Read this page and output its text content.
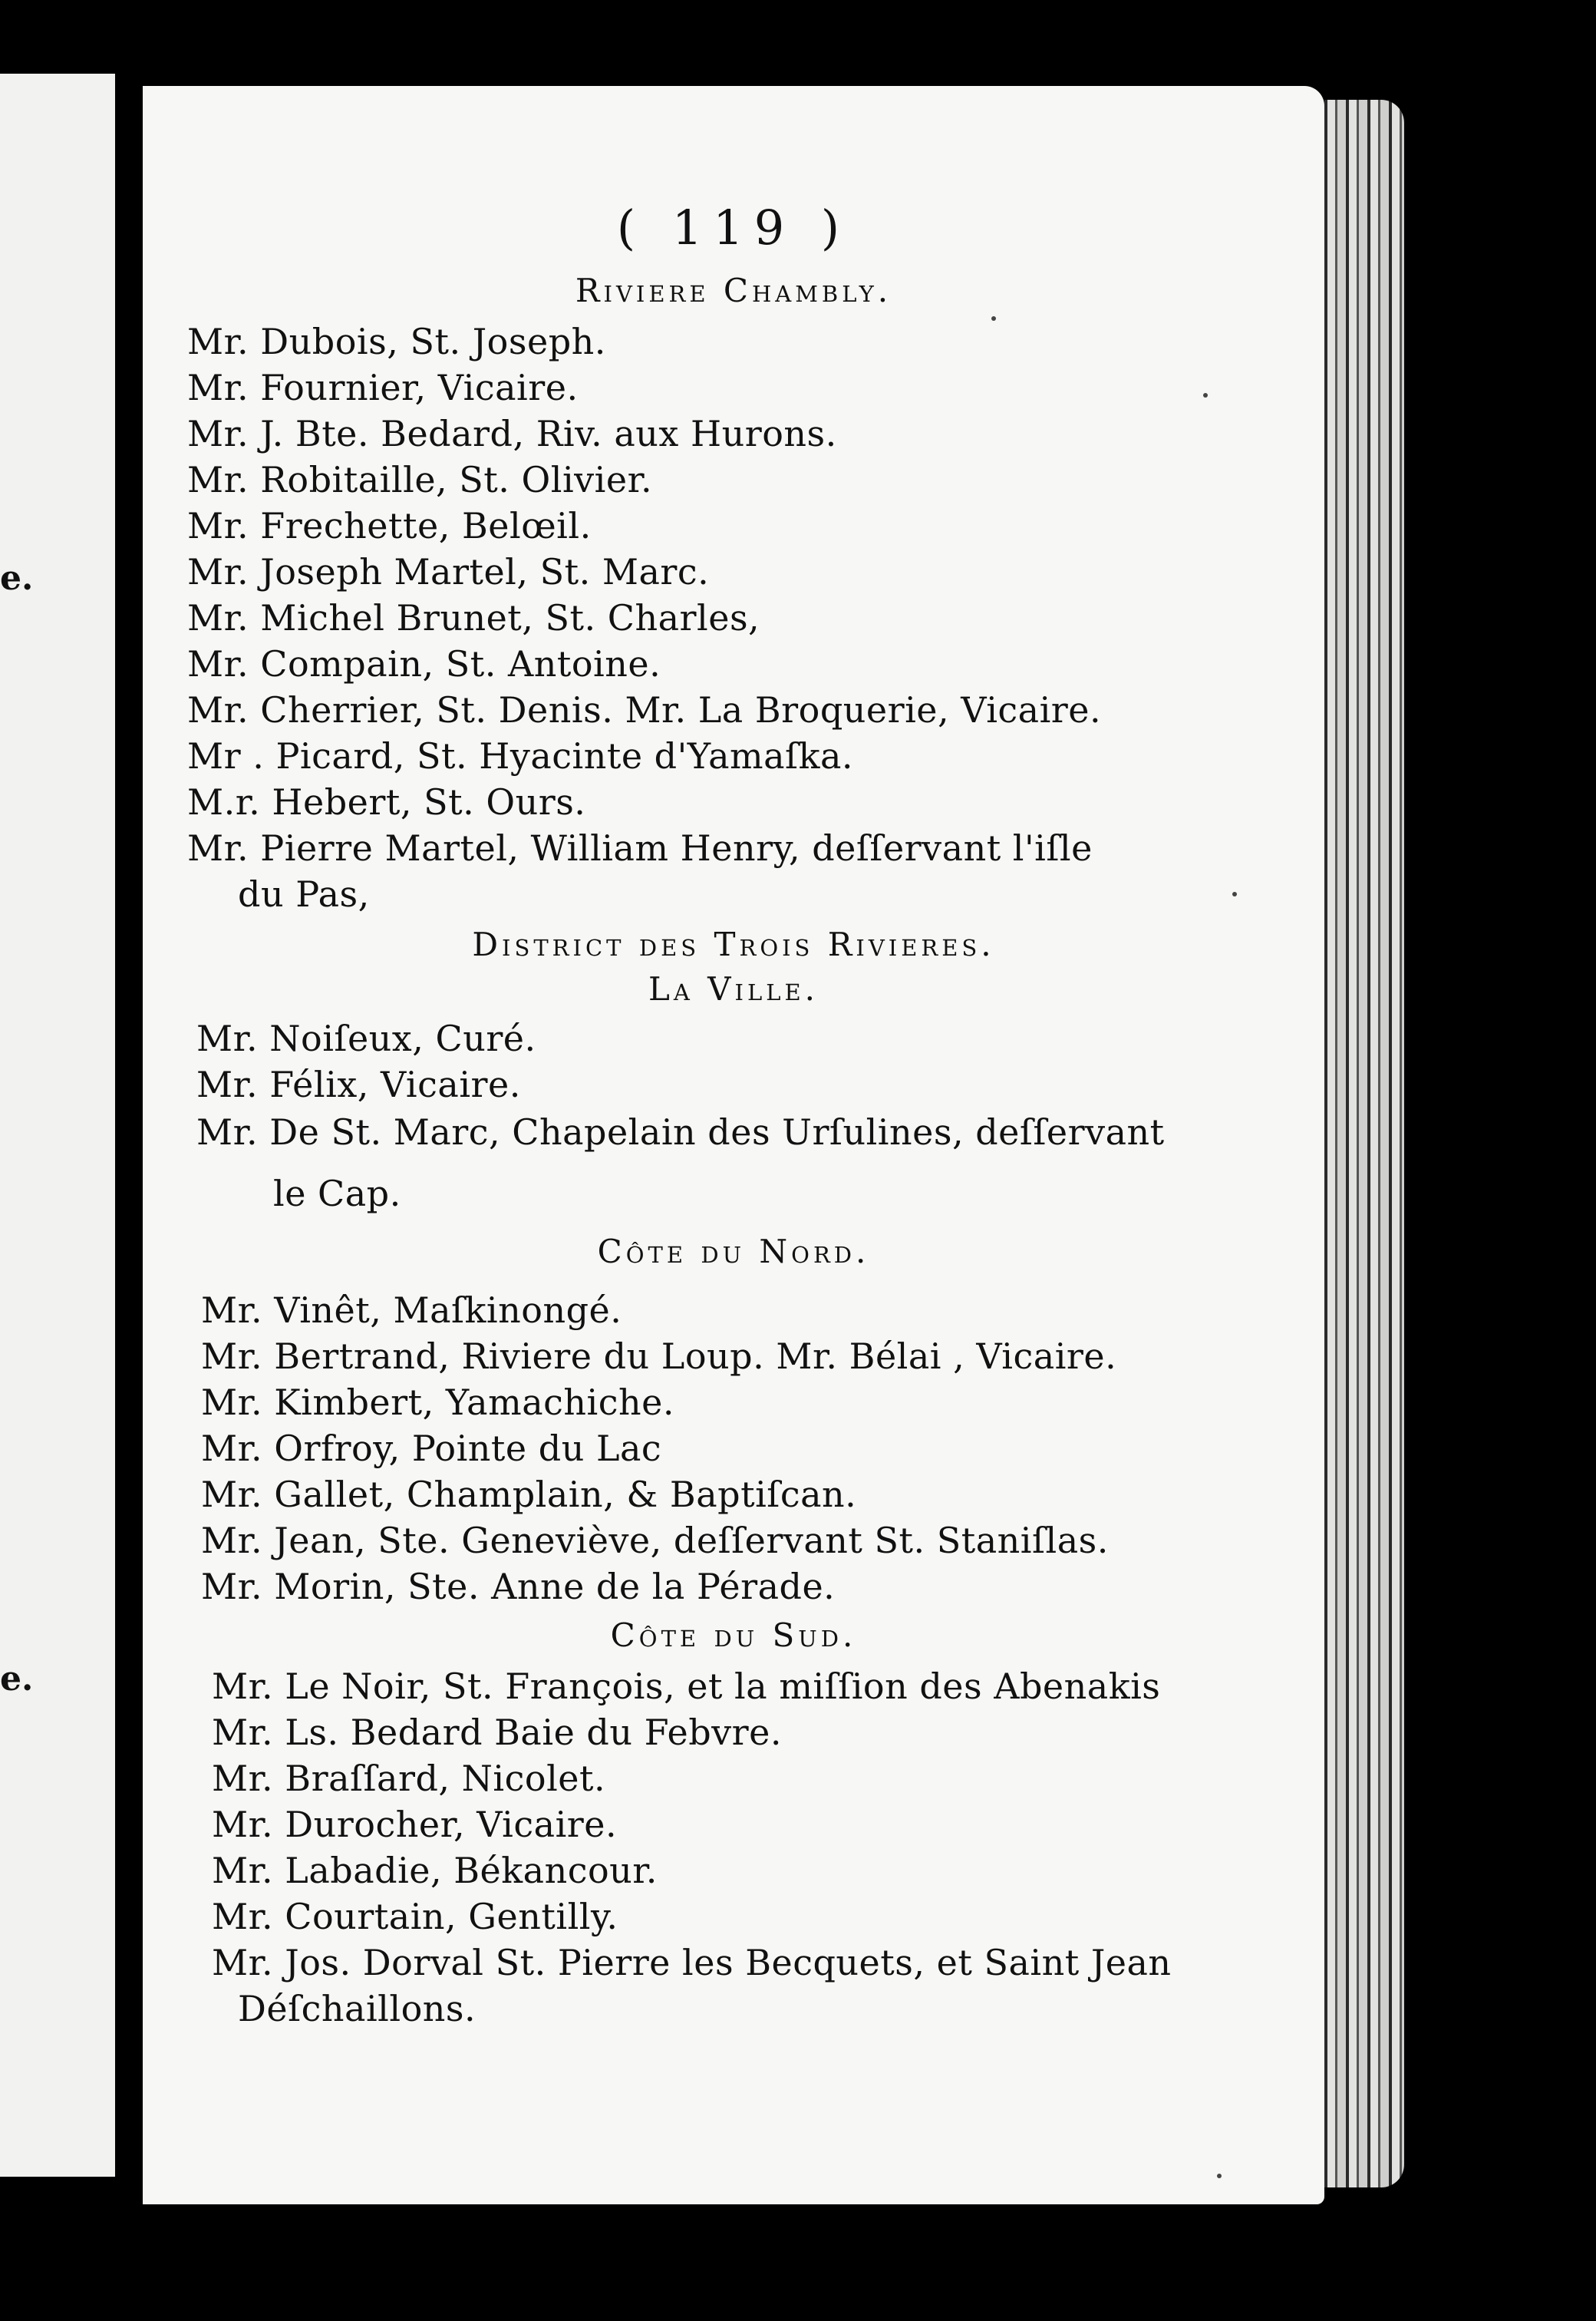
e.
e.
( 119 )
Riviere Chambly.
Mr. Dubois, St. Joseph.
Mr. Fournier, Vicaire.
Mr. J. Bte. Bedard, Riv. aux Hurons.
Mr. Robitaille, St. Olivier.
Mr. Frechette, Belœil.
Mr. Joseph Martel, St. Marc.
Mr. Michel Brunet, St. Charles,
Mr. Compain, St. Antoine.
Mr. Cherrier, St. Denis. Mr. La Broquerie, Vicaire.
Mr . Picard, St. Hyacinte d'Yamaſka.
M.r. Hebert, St. Ours.
Mr. Pierre Martel, William Henry, deſſervant l'iſle
du Pas,
District des Trois Rivieres.
La Ville.
Mr. Noiſeux, Curé.
Mr. Félix, Vicaire.
Mr. De St. Marc, Chapelain des Urſulines, deſſervant
le Cap.
Côte du Nord.
Mr. Vinêt, Maſkinongé.
Mr. Bertrand, Riviere du Loup. Mr. Bélai , Vicaire.
Mr. Kimbert, Yamachiche.
Mr. Orfroy, Pointe du Lac
Mr. Gallet, Champlain, & Baptiſcan.
Mr. Jean, Ste. Geneviève, deſſervant St. Staniſlas.
Mr. Morin, Ste. Anne de la Pérade.
Côte du Sud.
Mr. Le Noir, St. François, et la miſſion des Abenakis
Mr. Ls. Bedard Baie du Febvre.
Mr. Braſſard, Nicolet.
Mr. Durocher, Vicaire.
Mr. Labadie, Békancour.
Mr. Courtain, Gentilly.
Mr. Jos. Dorval St. Pierre les Becquets, et Saint Jean
Déſchaillons.
